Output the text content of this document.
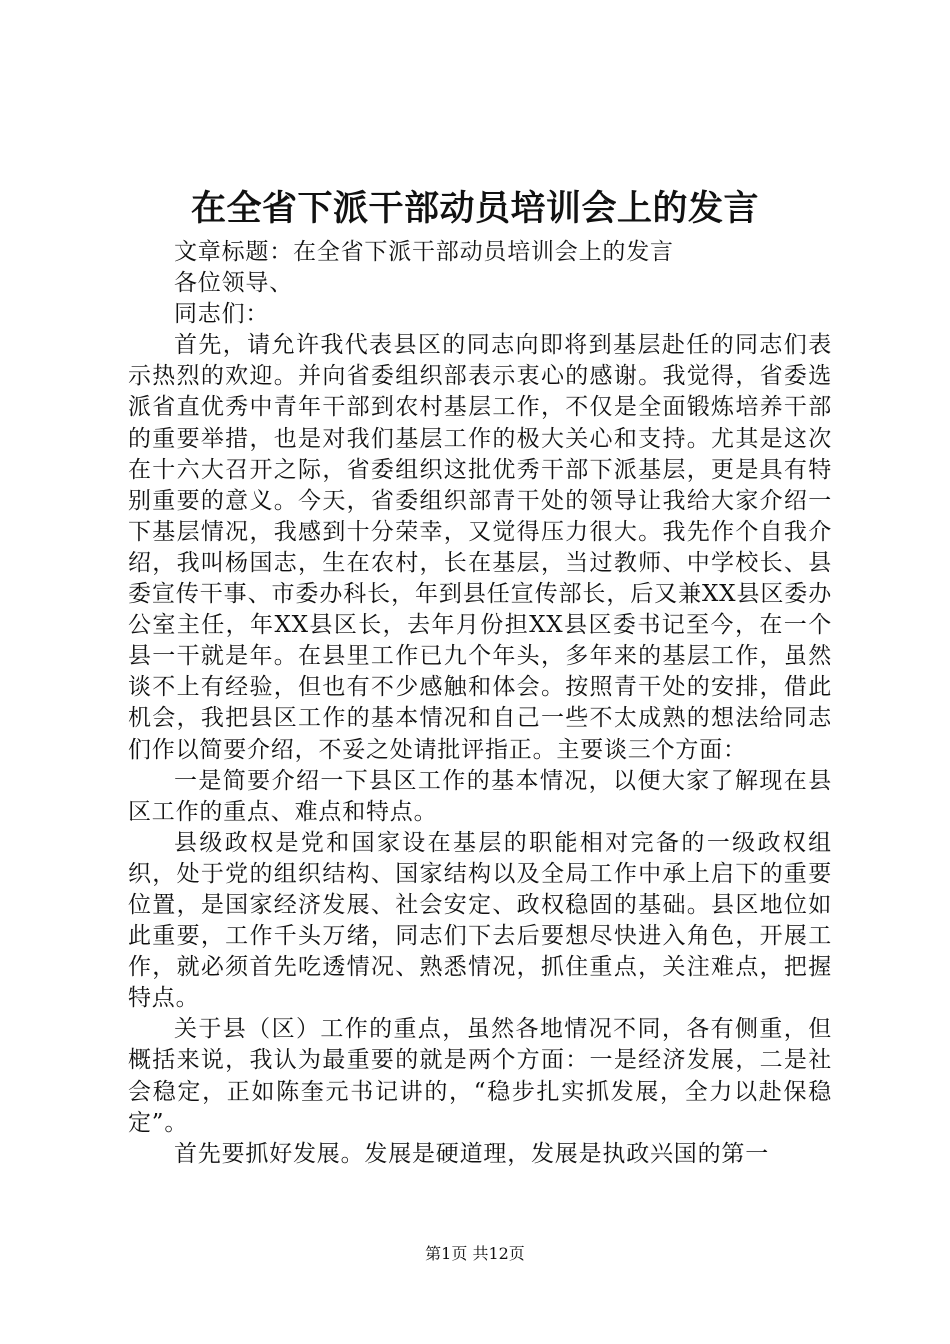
在全省下派干部动员培训会上的发言

文章标题：在全省下派干部动员培训会上的发言

各位领导、

同志们：

首先，请允许我代表县区的同志向即将到基层赴任的同志们表示热烈的欢迎。并向省委组织部表示衷心的感谢。我觉得，省委选派省直优秀中青年干部到农村基层工作，不仅是全面锻炼培养干部的重要举措，也是对我们基层工作的极大关心和支持。尤其是这次在十六大召开之际，省委组织这批优秀干部下派基层，更是具有特别重要的意义。今天，省委组织部青干处的领导让我给大家介绍一下基层情况，我感到十分荣幸，又觉得压力很大。我先作个自我介绍，我叫杨国志，生在农村，长在基层，当过教师、中学校长、县委宣传干事、市委办科长，年到县任宣传部长，后又兼XX县区委办公室主任，年XX县区长，去年月份担XX县区委书记至今，在一个县一干就是年。在县里工作已九个年头，多年来的基层工作，虽然谈不上有经验，但也有不少感触和体会。按照青干处的安排，借此机会，我把县区工作的基本情况和自己一些不太成熟的想法给同志们作以简要介绍，不妥之处请批评指正。主要谈三个方面：

一是简要介绍一下县区工作的基本情况，以便大家了解现在县区工作的重点、难点和特点。

县级政权是党和国家设在基层的职能相对完备的一级政权组织，处于党的组织结构、国家结构以及全局工作中承上启下的重要位置，是国家经济发展、社会安定、政权稳固的基础。县区地位如此重要，工作千头万绪，同志们下去后要想尽快进入角色，开展工作，就必须首先吃透情况、熟悉情况，抓住重点，关注难点，把握特点。

关于县（区）工作的重点，虽然各地情况不同，各有侧重，但概括来说，我认为最重要的就是两个方面：一是经济发展，二是社会稳定，正如陈奎元书记讲的，“稳步扎实抓发展，全力以赴保稳定”。

首先要抓好发展。发展是硬道理，发展是执政兴国的第一

第1页 共12页
